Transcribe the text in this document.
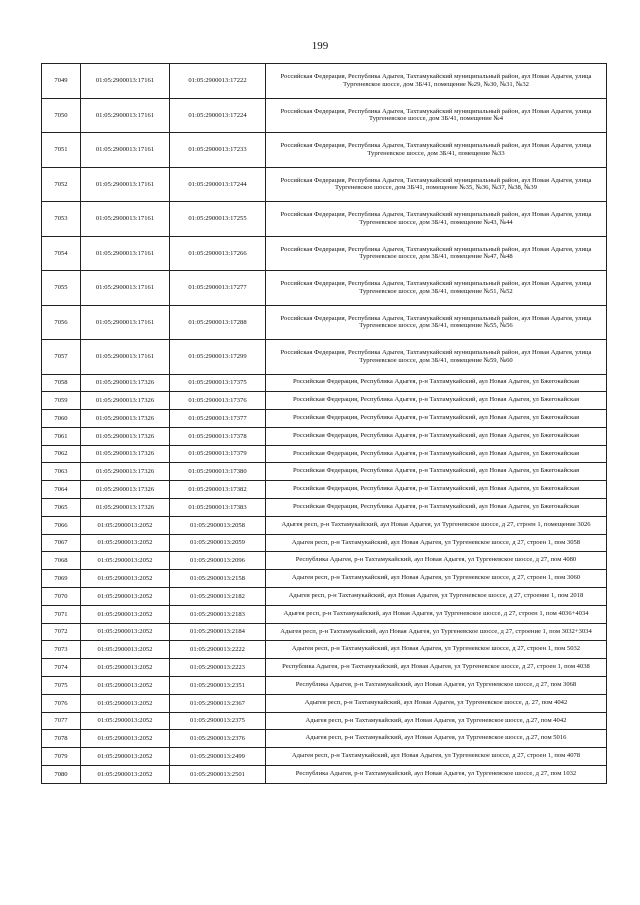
199
7049	01:05:2900013:17161	01:05:2900013:17222	Российская Федерация, Республика Адыгея, Тахтамукайский муниципальный район, аул Новая Адыгея, улица Тургеневское шоссе, дом 3Б/41, помещение №29, №30, №31, №32
7050	01:05:2900013:17161	01:05:2900013:17224	Российская Федерация, Республика Адыгея, Тахтамукайский муниципальный район, аул Новая Адыгея, улица Тургеневское шоссе, дом 3Б/41, помещение №4
7051	01:05:2900013:17161	01:05:2900013:17233	Российская Федерация, Республика Адыгея, Тахтамукайский муниципальный район, аул Новая Адыгея, улица Тургеневское шоссе, дом 3Б/41, помещение №33
7052	01:05:2900013:17161	01:05:2900013:17244	Российская Федерация, Республика Адыгея, Тахтамукайский муниципальный район, аул Новая Адыгея, улица Тургеневское шоссе, дом 3Б/41, помещение №35, №36, №37, №38, №39
7053	01:05:2900013:17161	01:05:2900013:17255	Российская Федерация, Республика Адыгея, Тахтамукайский муниципальный район, аул Новая Адыгея, улица Тургеневское шоссе, дом 3Б/41, помещение №43, №44
7054	01:05:2900013:17161	01:05:2900013:17266	Российская Федерация, Республика Адыгея, Тахтамукайский муниципальный район, аул Новая Адыгея, улица Тургеневское шоссе, дом 3Б/41, помещение №47, №48
7055	01:05:2900013:17161	01:05:2900013:17277	Российская Федерация, Республика Адыгея, Тахтамукайский муниципальный район, аул Новая Адыгея, улица Тургеневское шоссе, дом 3Б/41, помещение №51, №52
7056	01:05:2900013:17161	01:05:2900013:17288	Российская Федерация, Республика Адыгея, Тахтамукайский муниципальный район, аул Новая Адыгея, улица Тургеневское шоссе, дом 3Б/41, помещение №55, №56
7057	01:05:2900013:17161	01:05:2900013:17299	Российская Федерация, Республика Адыгея, Тахтамукайский муниципальный район, аул Новая Адыгея, улица Тургеневское шоссе, дом 3Б/41, помещение №59, №60
7058	01:05:2900013:17326	01:05:2900013:17375	Российская Федерация, Республика Адыгея, р-н Тахтамукайский, аул Новая Адыгея, ул Бжегокайская
7059	01:05:2900013:17326	01:05:2900013:17376	Российская Федерация, Республика Адыгея, р-н Тахтамукайский, аул Новая Адыгея, ул Бжегокайская
7060	01:05:2900013:17326	01:05:2900013:17377	Российская Федерация, Республика Адыгея, р-н Тахтамукайский, аул Новая Адыгея, ул Бжегокайская
7061	01:05:2900013:17326	01:05:2900013:17378	Российская Федерация, Республика Адыгея, р-н Тахтамукайский, аул Новая Адыгея, ул Бжегокайская
7062	01:05:2900013:17326	01:05:2900013:17379	Российская Федерация, Республика Адыгея, р-н Тахтамукайский, аул Новая Адыгея, ул Бжегокайская
7063	01:05:2900013:17326	01:05:2900013:17380	Российская Федерация, Республика Адыгея, р-н Тахтамукайский, аул Новая Адыгея, ул Бжегокайская
7064	01:05:2900013:17326	01:05:2900013:17382	Российская Федерация, Республика Адыгея, р-н Тахтамукайский, аул Новая Адыгея, ул Бжегокайская
7065	01:05:2900013:17326	01:05:2900013:17383	Российская Федерация, Республика Адыгея, р-н Тахтамукайский, аул Новая Адыгея, ул Бжегокайская
7066	01:05:2900013:2052	01:05:2900013:2058	Адыгея респ, р-н Тахтамукайский, аул Новая Адыгея, ул Тургеневское шоссе, д 27, строен 1, помещение 3026
7067	01:05:2900013:2052	01:05:2900013:2059	Адыгея респ, р-н Тахтамукайский, аул Новая Адыгея, ул Тургеневское шоссе, д 27, строен 1, пом 3058
7068	01:05:2900013:2052	01:05:2900013:2096	Республика Адыгея, р-н Тахтамукайский, аул Новая Адыгея, ул Тургеневское шоссе, д 27, пом 4080
7069	01:05:2900013:2052	01:05:2900013:2158	Адыгея респ, р-н Тахтамукайский, аул Новая Адыгея, ул Тургеневское шоссе, д 27, строен 1, пом 3060
7070	01:05:2900013:2052	01:05:2900013:2182	Адыгея респ, р-н Тахтамукайский, аул Новая Адыгея, ул Тургеневское шоссе, д 27, строение 1, пом 2018
7071	01:05:2900013:2052	01:05:2900013:2183	Адыгея респ, р-н Тахтамукайский, аул Новая Адыгея, ул Тургеневское шоссе, д 27, строен 1, пом 4036+4034
7072	01:05:2900013:2052	01:05:2900013:2184	Адыгея респ, р-н Тахтамукайский, аул Новая Адыгея, ул Тургеневское шоссе, д 27, строение 1, пом 3032+3034
7073	01:05:2900013:2052	01:05:2900013:2222	Адыгея респ, р-н Тахтамукайский, аул Новая Адыгея, ул Тургеневское шоссе, д 27, строен 1, пом 5032
7074	01:05:2900013:2052	01:05:2900013:2223	Республика Адыгея, р-н Тахтамукайский, аул Новая Адыгея, ул Тургеневское шоссе, д 27, строен 1, пом 4038
7075	01:05:2900013:2052	01:05:2900013:2351	Республика Адыгея, р-н Тахтамукайский, аул Новая Адыгея, ул Тургеневское шоссе, д 27, пом 3068
7076	01:05:2900013:2052	01:05:2900013:2367	Адыгея респ, р-н Тахтамукайский, аул Новая Адыгея, ул Тургеневское шоссе, д. 27, пом 4042
7077	01:05:2900013:2052	01:05:2900013:2375	Адыгея респ, р-н Тахтамукайский, аул Новая Адыгея, ул Тургеневское шоссе, д.27, пом 4042
7078	01:05:2900013:2052	01:05:2900013:2376	Адыгея респ, р-н Тахтамукайский, аул Новая Адыгея, ул Тургеневское шоссе, д.27, пом 5016
7079	01:05:2900013:2052	01:05:2900013:2499	Адыгея респ, р-н Тахтамукайский, аул Новая Адыгея, ул Тургеневское шоссе, д 27, строен 1, пом 4078
7080	01:05:2900013:2052	01:05:2900013:2501	Республика Адыгея, р-н Тахтамукайский, аул Новая Адыгея, ул Тургеневское шоссе, д 27, пом 1032
